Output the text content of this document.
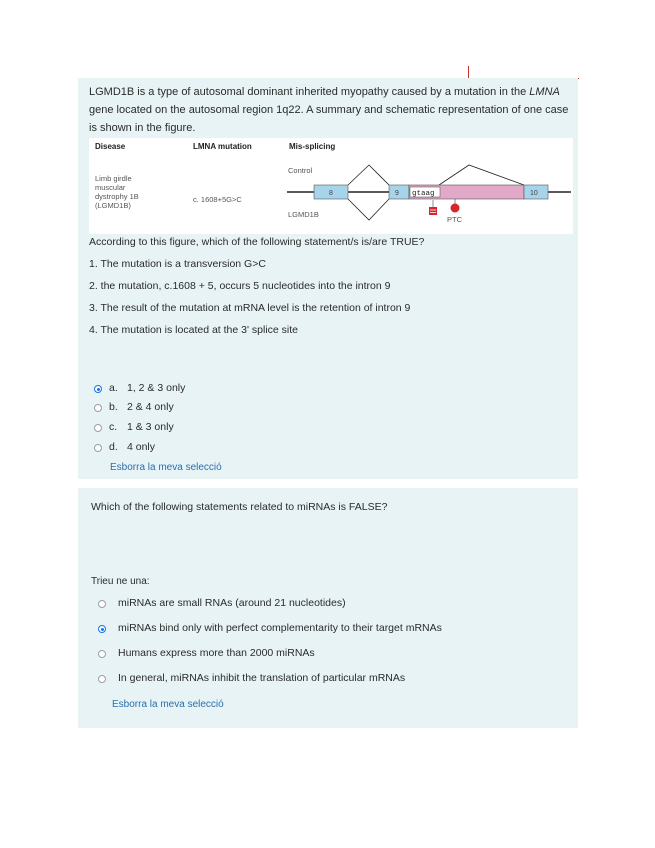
LGMD1B is a type of autosomal dominant inherited myopathy caused by a mutation in the LMNA gene located on the autosomal region 1q22. A summary and schematic representation of one case is shown in the figure.
Disease	LMNA mutation	Mis-splicing
Limb girdle
muscular
dystrophy 1B
(LGMD1B)
c. 1608+5G>C
Control
LGMD1B
8	9 gtaag	10
PTC
According to this figure, which of the following statement/s is/are TRUE?
1. The mutation is a transversion G>C
2. the mutation, c.1608 + 5, occurs 5 nucleotides into the intron 9
3. The result of the mutation at mRNA level is the retention of intron 9
4. The mutation is located at the 3' splice site
a. 1, 2 & 3 only
b. 2 & 4 only
c. 1 & 3 only
d. 4 only
Esborra la meva selecció
Which of the following statements related to miRNAs is FALSE?
Trieu ne una:
miRNAs are small RNAs (around 21 nucleotides)
miRNAs bind only with perfect complementarity to their target mRNAs
Humans express more than 2000 miRNAs
In general, miRNAs inhibit the translation of particular mRNAs
Esborra la meva selecció
